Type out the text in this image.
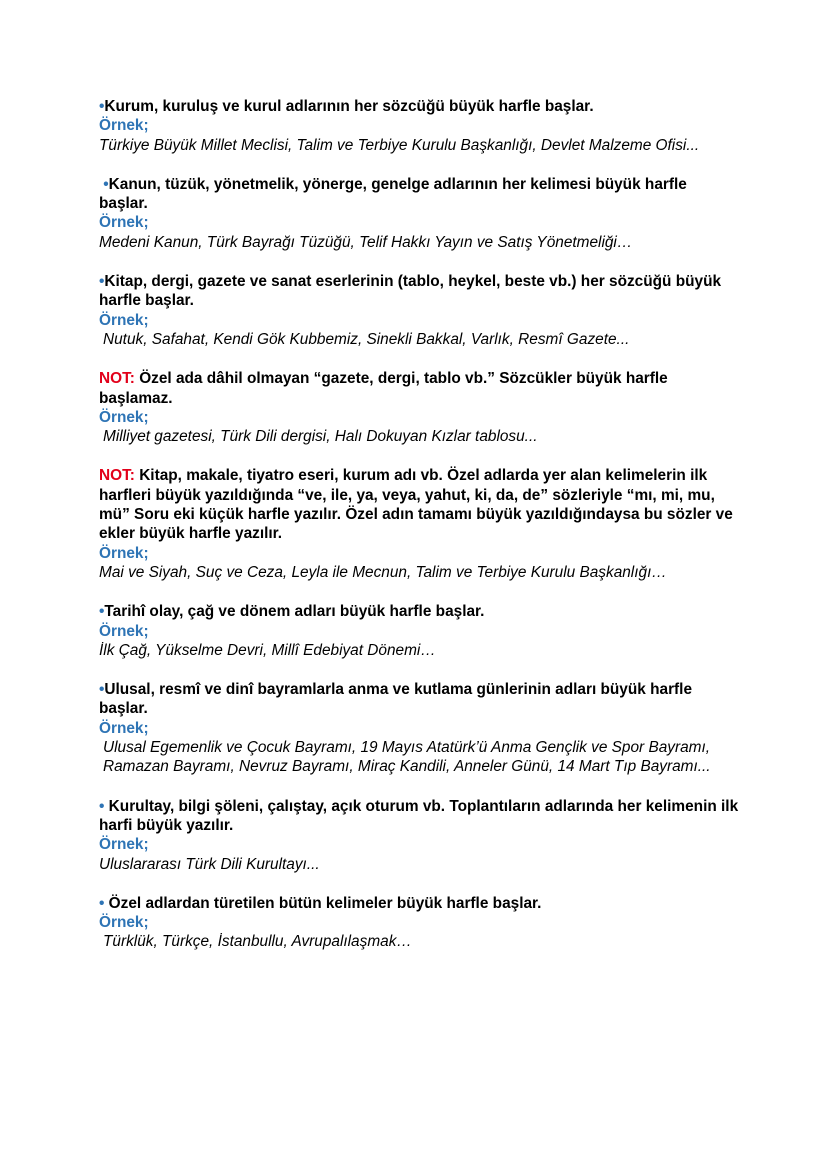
•Kurum, kuruluş ve kurul adlarının her sözcüğü büyük harfle başlar.

Örnek;

Türkiye Büyük Millet Meclisi, Talim ve Terbiye Kurulu Başkanlığı, Devlet Malzeme Ofisi...

•Kanun, tüzük, yönetmelik, yönerge, genelge adlarının her kelimesi büyük harfle başlar.

Örnek;

Medeni Kanun, Türk Bayrağı Tüzüğü, Telif Hakkı Yayın ve Satış Yönetmeliği…

•Kitap, dergi, gazete ve sanat eserlerinin (tablo, heykel, beste vb.) her sözcüğü büyük harfle başlar.

Örnek;

Nutuk, Safahat, Kendi Gök Kubbemiz, Sinekli Bakkal, Varlık, Resmî Gazete...

NOT: Özel ada dâhil olmayan “gazete, dergi, tablo vb.” Sözcükler büyük harfle başlamaz.

Örnek;

Milliyet gazetesi, Türk Dili dergisi, Halı Dokuyan Kızlar tablosu...

NOT: Kitap, makale, tiyatro eseri, kurum adı vb. Özel adlarda yer alan kelimelerin ilk harfleri büyük yazıldığında “ve, ile, ya, veya, yahut, ki, da, de” sözleriyle “mı, mi, mu, mü” Soru eki küçük harfle yazılır. Özel adın tamamı büyük yazıldığındaysa bu sözler ve ekler büyük harfle yazılır.

Örnek;

Mai ve Siyah, Suç ve Ceza, Leyla ile Mecnun, Talim ve Terbiye Kurulu Başkanlığı…

•Tarihî olay, çağ ve dönem adları büyük harfle başlar.

Örnek;

İlk Çağ, Yükselme Devri, Millî Edebiyat Dönemi…

•Ulusal, resmî ve dinî bayramlarla anma ve kutlama günlerinin adları büyük harfle başlar.

Örnek;

Ulusal Egemenlik ve Çocuk Bayramı, 19 Mayıs Atatürk’ü Anma Gençlik ve Spor Bayramı, Ramazan Bayramı, Nevruz Bayramı, Miraç Kandili, Anneler Günü, 14 Mart Tıp Bayramı...

• Kurultay, bilgi şöleni, çalıştay, açık oturum vb. Toplantıların adlarında her kelimenin ilk harfi büyük yazılır.

Örnek;

Uluslararası Türk Dili Kurultayı...

• Özel adlardan türetilen bütün kelimeler büyük harfle başlar.

Örnek;

Türklük, Türkçe, İstanbullu, Avrupalılaşmak…
